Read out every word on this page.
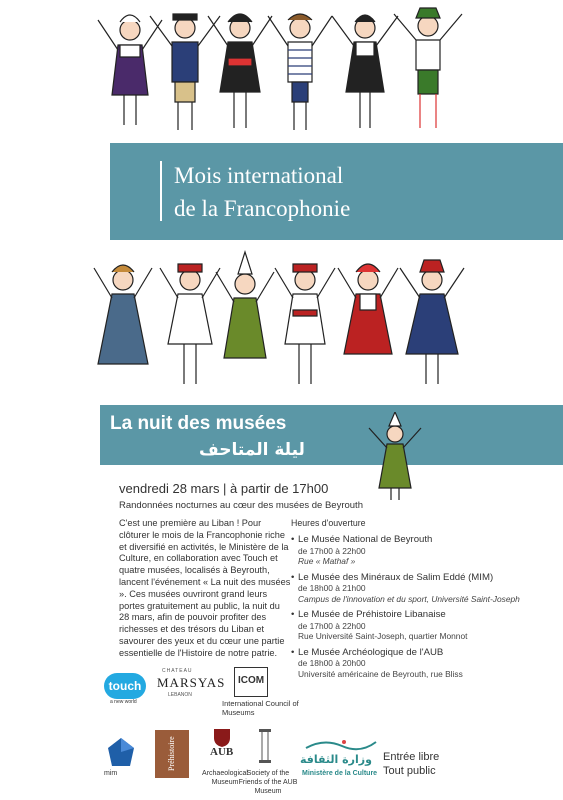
Mois international
de la Francophonie
La nuit des musées
ليلة المتاحف
vendredi 28 mars | à partir de 17h00
Randonnées nocturnes au cœur des musées de Beyrouth
C'est une première au Liban ! Pour clôturer le mois de la Francophonie riche et diversifié en activités, le Ministère de la Culture, en collaboration avec Touch et quatre musées, localisés à Beyrouth, lancent l'événement « La nuit des musées ». Ces musées ouvriront grand leurs portes gratuitement au public, la nuit du 28 mars, afin de pouvoir profiter des richesses et des trésors du Liban et savourer des yeux et du cœur une partie essentielle de l'Histoire de notre patrie.
Heures d'ouverture
• Le Musée National de Beyrouth
de 17h00 à 22h00
Rue « Mathaf »
• Le Musée des Minéraux de Salim Eddé (MIM)
de 18h00 à 21h00
Campus de l'innovation et du sport, Université Saint-Joseph
• Le Musée de Préhistoire Libanaise
de 17h00 à 22h00
Rue Université Saint-Joseph, quartier Monnot
• Le Musée Archéologique de l'AUB
de 18h00 à 20h00
Université américaine de Beyrouth, rue Bliss
touch
a new world
CHATEAU
MARSYAS
LEBANON
ICOM
International Council of Museums
mim
Préhistoire	AUB
Archaeological Museum
Society of the Friends of the AUB Museum
وزارة الثقافة
Ministère de la Culture
Entrée libre
Tout public
